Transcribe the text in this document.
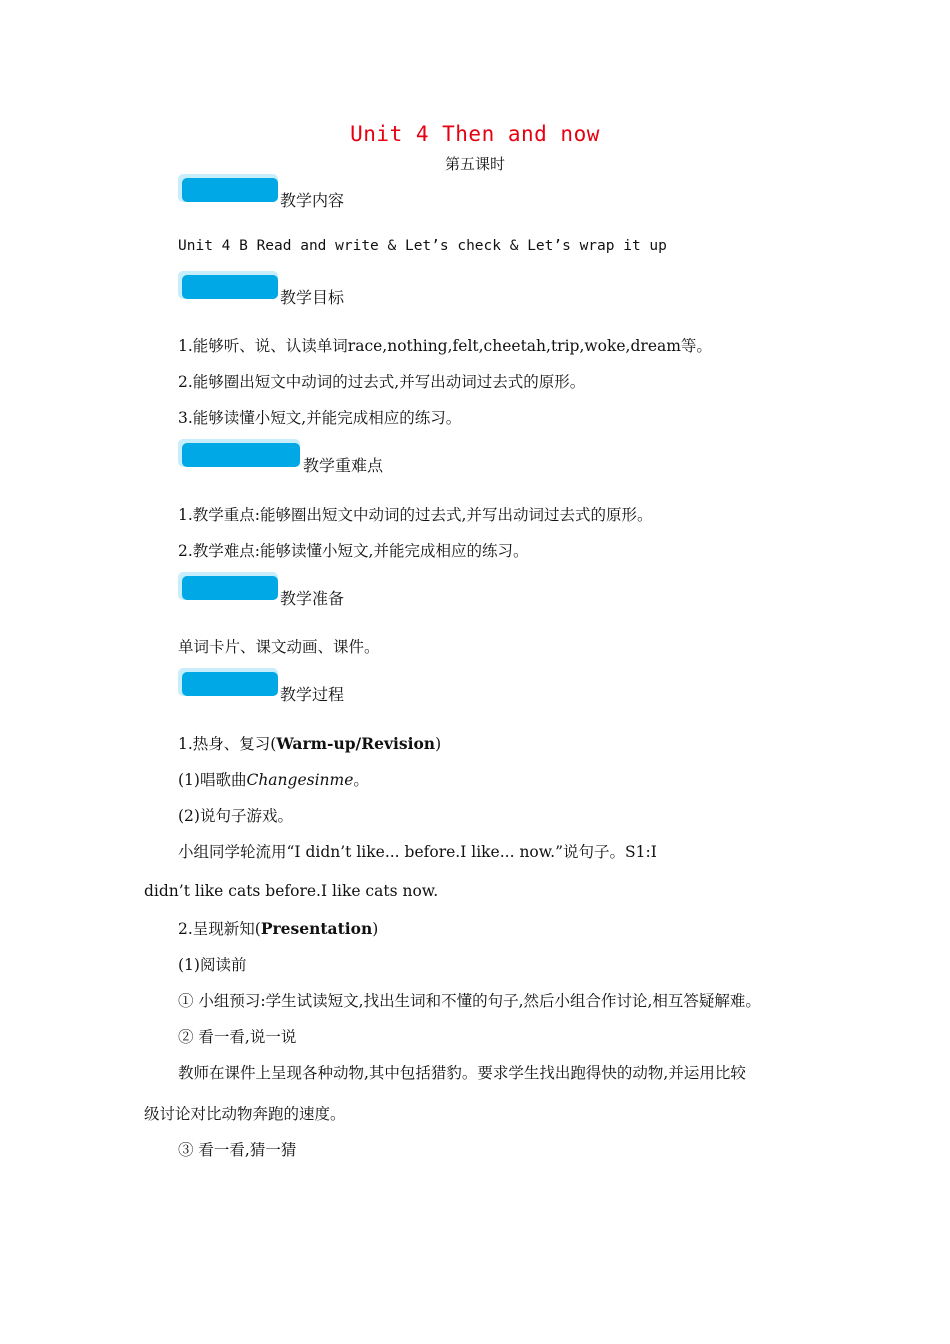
Unit 4 Then and now
第五课时
教学内容
Unit 4 B Read and write & Let’s check & Let’s wrap it up
教学目标
1.能够听、说、认读单词race,nothing,felt,cheetah,trip,woke,dream等。
2.能够圈出短文中动词的过去式,并写出动词过去式的原形。
3.能够读懂小短文,并能完成相应的练习。
教学重难点
1.教学重点:能够圈出短文中动词的过去式,并写出动词过去式的原形。
2.教学难点:能够读懂小短文,并能完成相应的练习。
教学准备
单词卡片、课文动画、课件。
教学过程
1.热身、复习(Warm-up/Revision)
(1)唱歌曲Changesinme。
(2)说句子游戏。
小组同学轮流用“I didn’t like... before.I like... now.”说句子。S1:I
didn’t like cats before.I like cats now.
2.呈现新知(Presentation)
(1)阅读前
① 小组预习:学生试读短文,找出生词和不懂的句子,然后小组合作讨论,相互答疑解难。
② 看一看,说一说
教师在课件上呈现各种动物,其中包括猎豹。要求学生找出跑得快的动物,并运用比较
级讨论对比动物奔跑的速度。
③ 看一看,猜一猜
